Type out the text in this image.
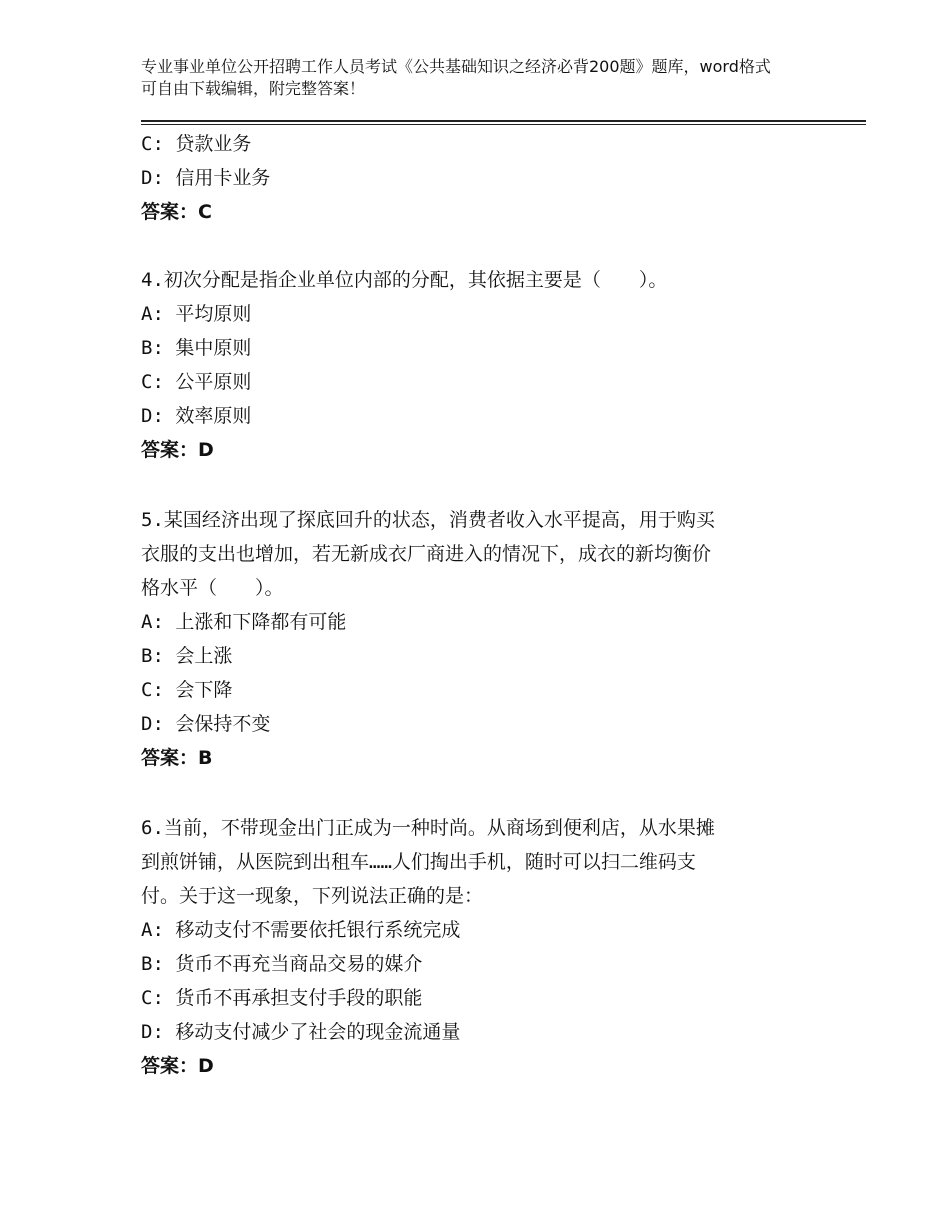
专业事业单位公开招聘工作人员考试《公共基础知识之经济必背200题》题库，word格式可自由下载编辑，附完整答案！
C: 贷款业务
D: 信用卡业务
答案：C
4.初次分配是指企业单位内部的分配，其依据主要是（　　）。
A: 平均原则
B: 集中原则
C: 公平原则
D: 效率原则
答案：D
5.某国经济出现了探底回升的状态，消费者收入水平提高，用于购买
衣服的支出也增加，若无新成衣厂商进入的情况下，成衣的新均衡价
格水平（　　）。
A: 上涨和下降都有可能
B: 会上涨
C: 会下降
D: 会保持不变
答案：B
6.当前，不带现金出门正成为一种时尚。从商场到便利店，从水果摊
到煎饼铺，从医院到出租车……人们掏出手机，随时可以扫二维码支
付。关于这一现象，下列说法正确的是：
A: 移动支付不需要依托银行系统完成
B: 货币不再充当商品交易的媒介
C: 货币不再承担支付手段的职能
D: 移动支付减少了社会的现金流通量
答案：D
